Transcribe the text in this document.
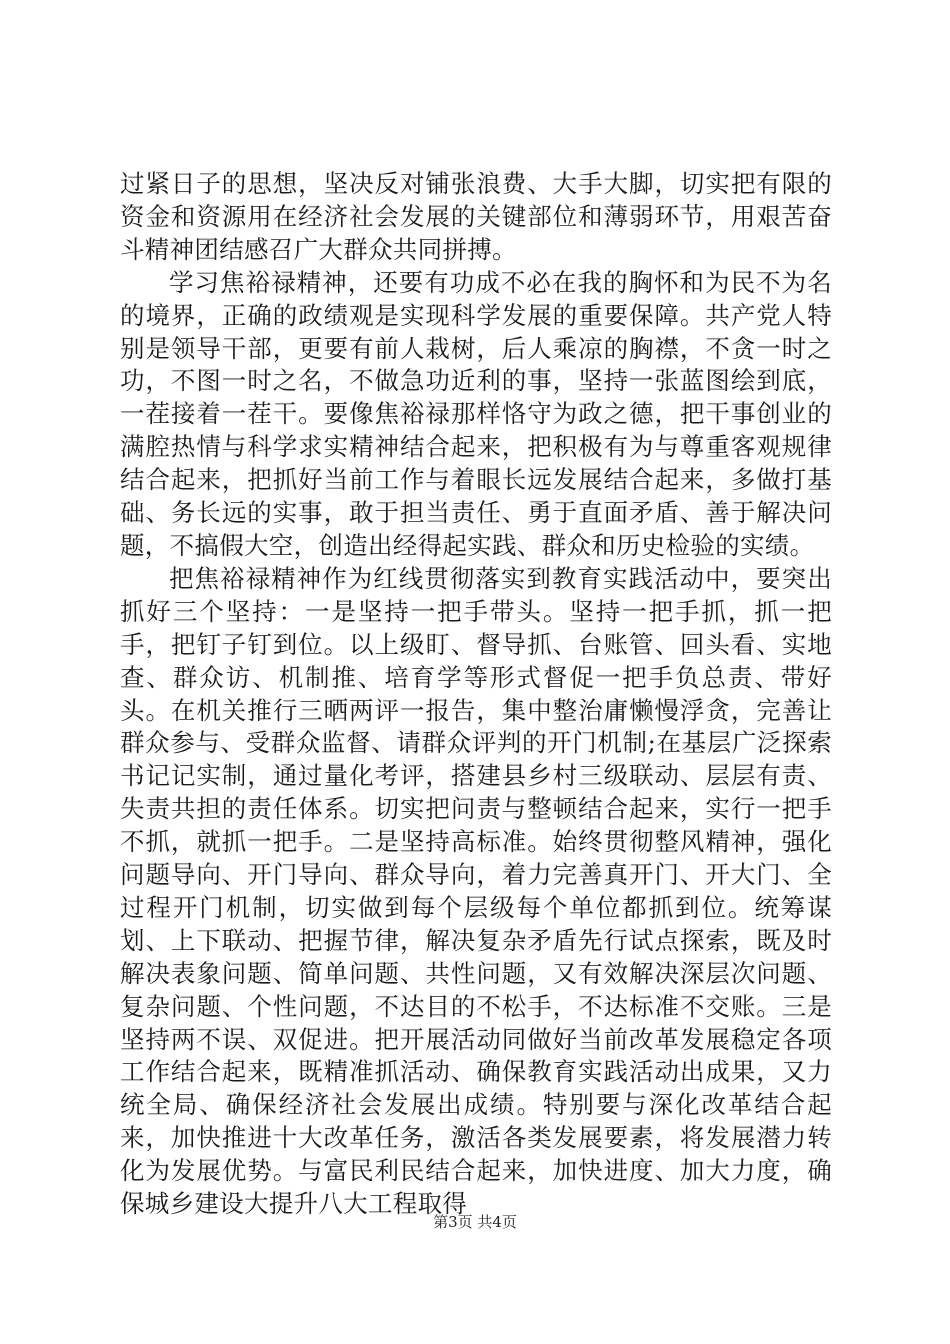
过紧日子的思想，坚决反对铺张浪费、大手大脚，切实把有限的资金和资源用在经济社会发展的关键部位和薄弱环节，用艰苦奋斗精神团结感召广大群众共同拼搏。

学习焦裕禄精神，还要有功成不必在我的胸怀和为民不为名的境界，正确的政绩观是实现科学发展的重要保障。共产党人特别是领导干部，更要有前人栽树，后人乘凉的胸襟，不贪一时之功，不图一时之名，不做急功近利的事，坚持一张蓝图绘到底，一茬接着一茬干。要像焦裕禄那样恪守为政之德，把干事创业的满腔热情与科学求实精神结合起来，把积极有为与尊重客观规律结合起来，把抓好当前工作与着眼长远发展结合起来，多做打基础、务长远的实事，敢于担当责任、勇于直面矛盾、善于解决问题，不搞假大空，创造出经得起实践、群众和历史检验的实绩。

把焦裕禄精神作为红线贯彻落实到教育实践活动中，要突出抓好三个坚持：一是坚持一把手带头。坚持一把手抓，抓一把手，把钉子钉到位。以上级盯、督导抓、台账管、回头看、实地查、群众访、机制推、培育学等形式督促一把手负总责、带好头。在机关推行三晒两评一报告，集中整治庸懒慢浮贪，完善让群众参与、受群众监督、请群众评判的开门机制;在基层广泛探索书记记实制，通过量化考评，搭建县乡村三级联动、层层有责、失责共担的责任体系。切实把问责与整顿结合起来，实行一把手不抓，就抓一把手。二是坚持高标准。始终贯彻整风精神，强化问题导向、开门导向、群众导向，着力完善真开门、开大门、全过程开门机制，切实做到每个层级每个单位都抓到位。统筹谋划、上下联动、把握节律，解决复杂矛盾先行试点探索，既及时解决表象问题、简单问题、共性问题，又有效解决深层次问题、复杂问题、个性问题，不达目的不松手，不达标准不交账。三是坚持两不误、双促进。把开展活动同做好当前改革发展稳定各项工作结合起来，既精准抓活动、确保教育实践活动出成果，又力统全局、确保经济社会发展出成绩。特别要与深化改革结合起来，加快推进十大改革任务，激活各类发展要素，将发展潜力转化为发展优势。与富民利民结合起来，加快进度、加大力度，确保城乡建设大提升八大工程取得

第3页 共4页
